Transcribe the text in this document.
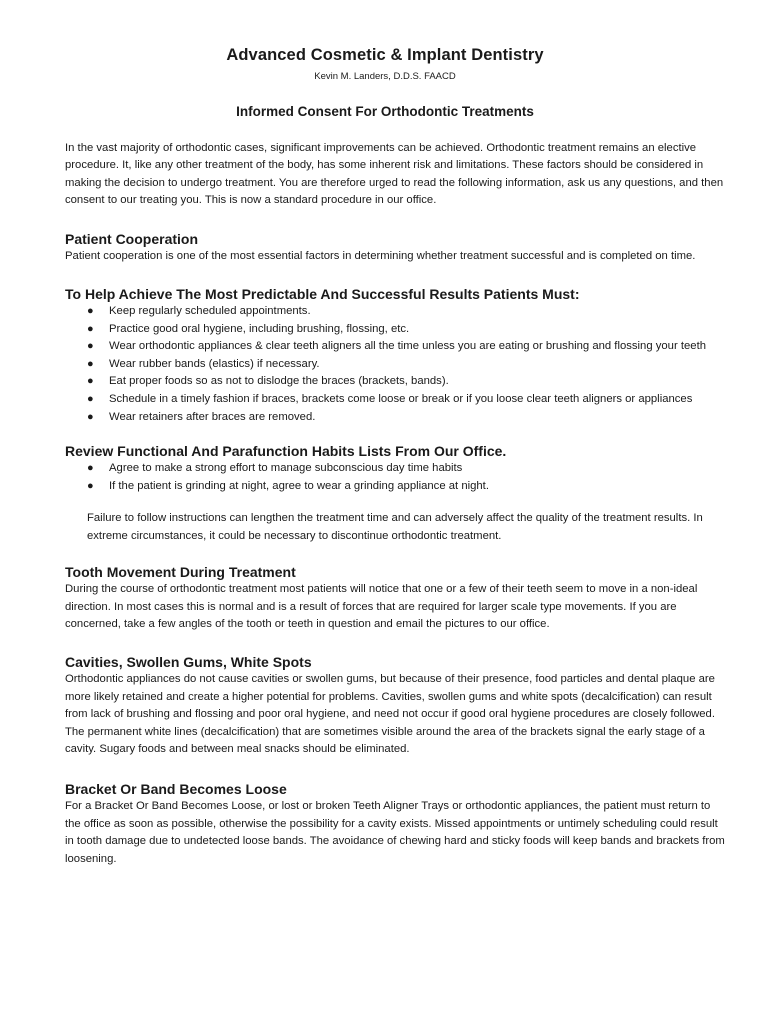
Advanced Cosmetic & Implant Dentistry
Kevin M. Landers, D.D.S. FAACD
Informed Consent For Orthodontic Treatments

In the vast majority of orthodontic cases, significant improvements can be achieved. Orthodontic treatment remains an elective procedure. It, like any other treatment of the body, has some inherent risk and limitations. These factors should be considered in making the decision to undergo treatment. You are therefore urged to read the following information, ask us any questions, and then consent to our treating you. This is now a standard procedure in our office.

Patient Cooperation

Patient cooperation is one of the most essential factors in determining whether treatment successful and is completed on time.

To Help Achieve The Most Predictable And Successful Results Patients Must:
● Keep regularly scheduled appointments.
● Practice good oral hygiene, including brushing, flossing, etc.
● Wear orthodontic appliances & clear teeth aligners all the time unless you are eating or brushing and flossing your teeth
● Wear rubber bands (elastics) if necessary.
● Eat proper foods so as not to dislodge the braces (brackets, bands).
● Schedule in a timely fashion if braces, brackets come loose or break or if you loose clear teeth aligners or appliances
● Wear retainers after braces are removed.
Review Functional And Parafunction Habits Lists From Our Office.
● Agree to make a strong effort to manage subconscious day time habits
● If the patient is grinding at night, agree to wear a grinding appliance at night.

Failure to follow instructions can lengthen the treatment time and can adversely affect the quality of the treatment results. In extreme circumstances, it could be necessary to discontinue orthodontic treatment.

Tooth Movement During Treatment

During the course of orthodontic treatment most patients will notice that one or a few of their teeth seem to move in a non-ideal direction. In most cases this is normal and is a result of forces that are required for larger scale type movements. If you are concerned, take a few angles of the tooth or teeth in question and email the pictures to our office.

Cavities, Swollen Gums, White Spots

Orthodontic appliances do not cause cavities or swollen gums, but because of their presence, food particles and dental plaque are more likely retained and create a higher potential for problems. Cavities, swollen gums and white spots (decalcification) can result from lack of brushing and flossing and poor oral hygiene, and need not occur if good oral hygiene procedures are closely followed. The permanent white lines (decalcification) that are sometimes visible around the area of the brackets signal the early stage of a cavity. Sugary foods and between meal snacks should be eliminated.

Bracket Or Band Becomes Loose

For a Bracket Or Band Becomes Loose, or lost or broken Teeth Aligner Trays or orthodontic appliances, the patient must return to the office as soon as possible, otherwise the possibility for a cavity exists. Missed appointments or untimely scheduling could result in tooth damage due to undetected loose bands. The avoidance of chewing hard and sticky foods will keep bands and brackets from loosening.
